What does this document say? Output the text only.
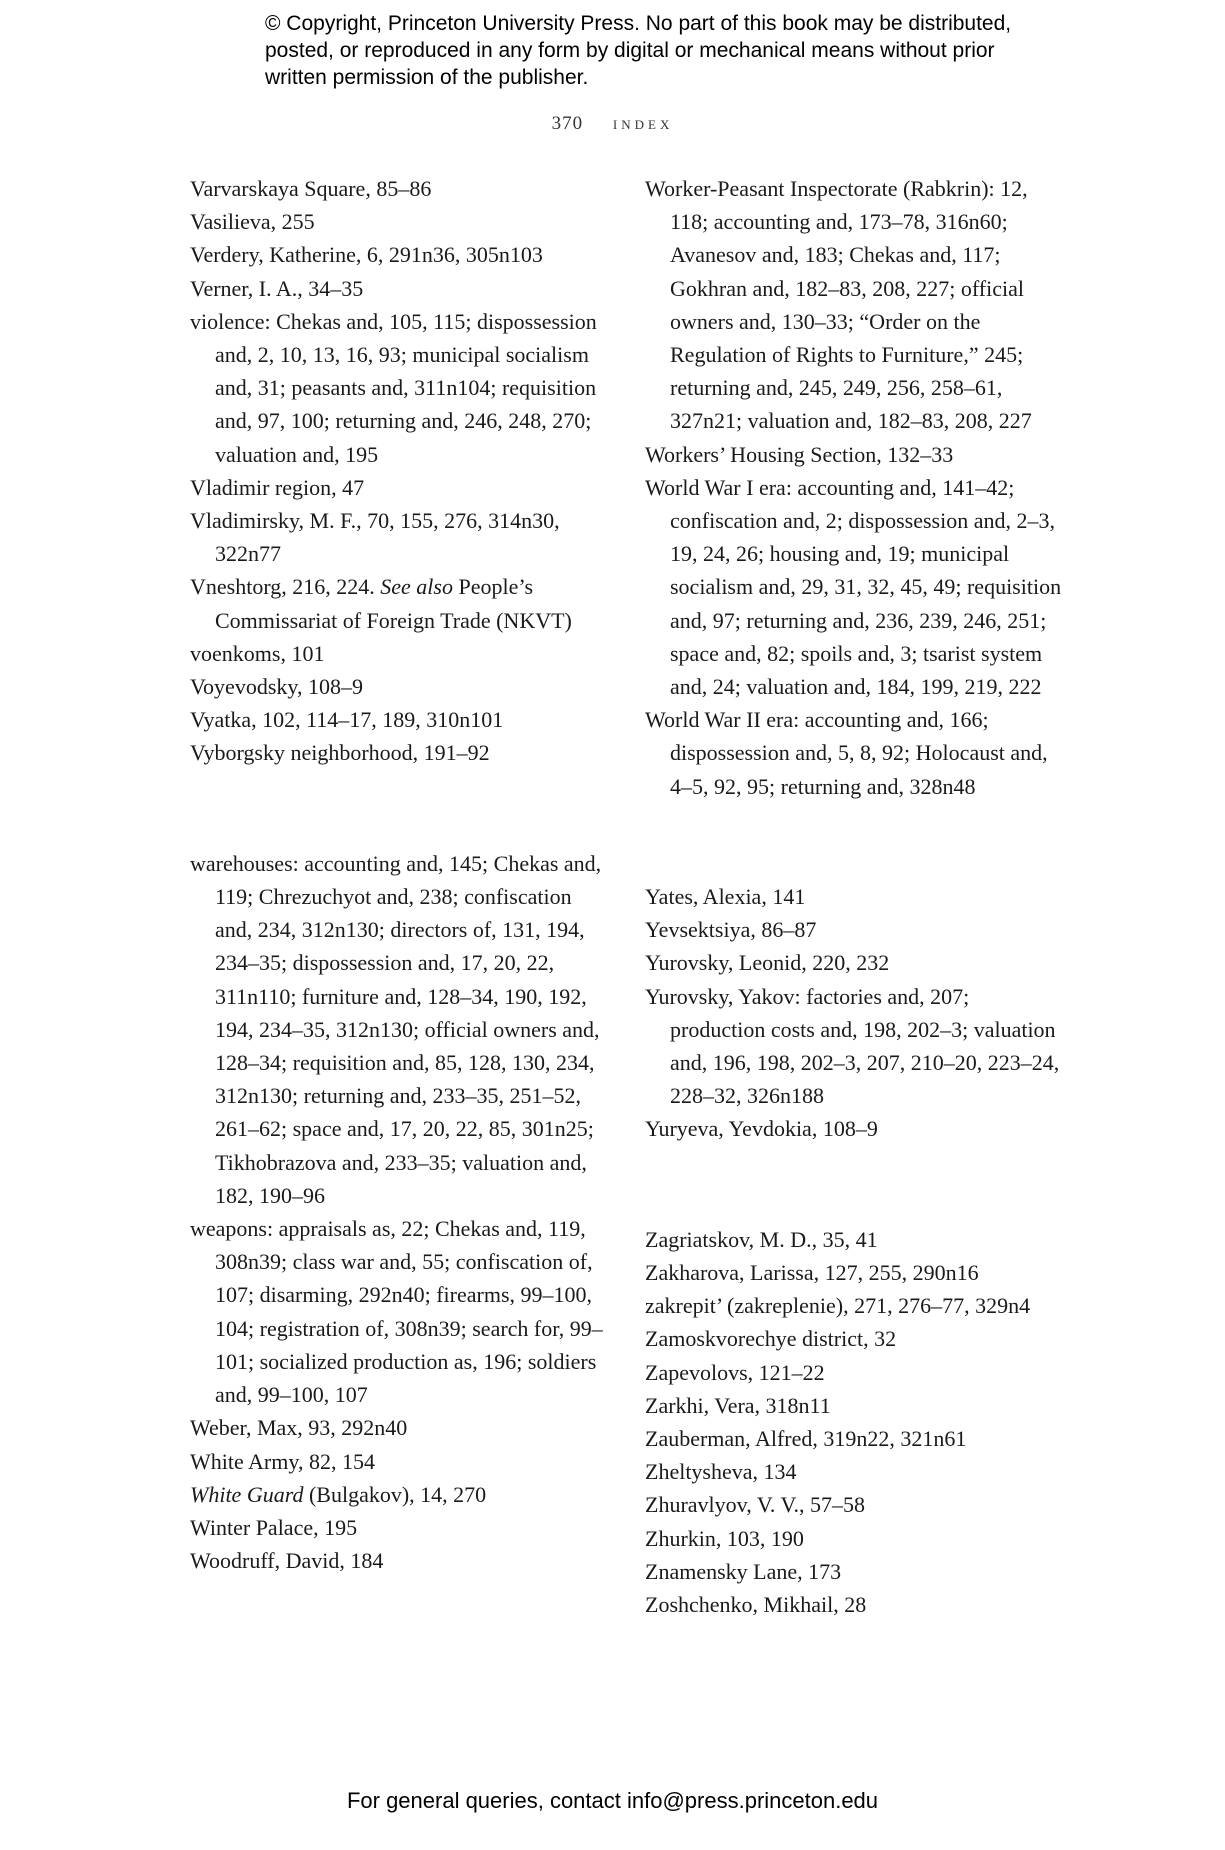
© Copyright, Princeton University Press. No part of this book may be distributed, posted, or reproduced in any form by digital or mechanical means without prior written permission of the publisher.
370 index

Varvarskaya Square, 85–86

Vasilieva, 255

Verdery, Katherine, 6, 291n36, 305n103

Verner, I. A., 34–35

violence: Chekas and, 105, 115; dispossession and, 2, 10, 13, 16, 93; municipal socialism and, 31; peasants and, 311n104; requisition and, 97, 100; returning and, 246, 248, 270; valuation and, 195

Vladimir region, 47

Vladimirsky, M. F., 70, 155, 276, 314n30, 322n77

Vneshtorg, 216, 224. See also People’s Commissariat of Foreign Trade (NKVT)

voenkoms, 101

Voyevodsky, 108–9

Vyatka, 102, 114–17, 189, 310n101

Vyborgsky neighborhood, 191–92

warehouses: accounting and, 145; Chekas and, 119; Chrezuchyot and, 238; confiscation and, 234, 312n130; directors of, 131, 194, 234–35; dispossession and, 17, 20, 22, 311n110; furniture and, 128–34, 190, 192, 194, 234–35, 312n130; official owners and, 128–34; requisition and, 85, 128, 130, 234, 312n130; returning and, 233–35, 251–52, 261–62; space and, 17, 20, 22, 85, 301n25; Tikhobrazova and, 233–35; valuation and, 182, 190–96

weapons: appraisals as, 22; Chekas and, 119, 308n39; class war and, 55; confiscation of, 107; disarming, 292n40; firearms, 99–100, 104; registration of, 308n39; search for, 99–101; socialized production as, 196; soldiers and, 99–100, 107

Weber, Max, 93, 292n40

White Army, 82, 154

White Guard (Bulgakov), 14, 270

Winter Palace, 195

Woodruff, David, 184

Worker-Peasant Inspectorate (Rabkrin): 12, 118; accounting and, 173–78, 316n60; Avanesov and, 183; Chekas and, 117; Gokhran and, 182–83, 208, 227; official owners and, 130–33; “Order on the Regulation of Rights to Furniture,” 245; returning and, 245, 249, 256, 258–61, 327n21; valuation and, 182–83, 208, 227

Workers’ Housing Section, 132–33

World War I era: accounting and, 141–42; confiscation and, 2; dispossession and, 2–3, 19, 24, 26; housing and, 19; municipal socialism and, 29, 31, 32, 45, 49; requisition and, 97; returning and, 236, 239, 246, 251; space and, 82; spoils and, 3; tsarist system and, 24; valuation and, 184, 199, 219, 222

World War II era: accounting and, 166; dispossession and, 5, 8, 92; Holocaust and, 4–5, 92, 95; returning and, 328n48

Yates, Alexia, 141

Yevsektsiya, 86–87

Yurovsky, Leonid, 220, 232

Yurovsky, Yakov: factories and, 207; production costs and, 198, 202–3; valuation and, 196, 198, 202–3, 207, 210–20, 223–24, 228–32, 326n188

Yuryeva, Yevdokia, 108–9

Zagriatskov, M. D., 35, 41

Zakharova, Larissa, 127, 255, 290n16

zakrepit’ (zakreplenie), 271, 276–77, 329n4

Zamoskvorechye district, 32

Zapevolovs, 121–22

Zarkhi, Vera, 318n11

Zauberman, Alfred, 319n22, 321n61

Zheltysheva, 134

Zhuravlyov, V. V., 57–58

Zhurkin, 103, 190

Znamensky Lane, 173

Zoshchenko, Mikhail, 28

For general queries, contact info@press.princeton.edu
